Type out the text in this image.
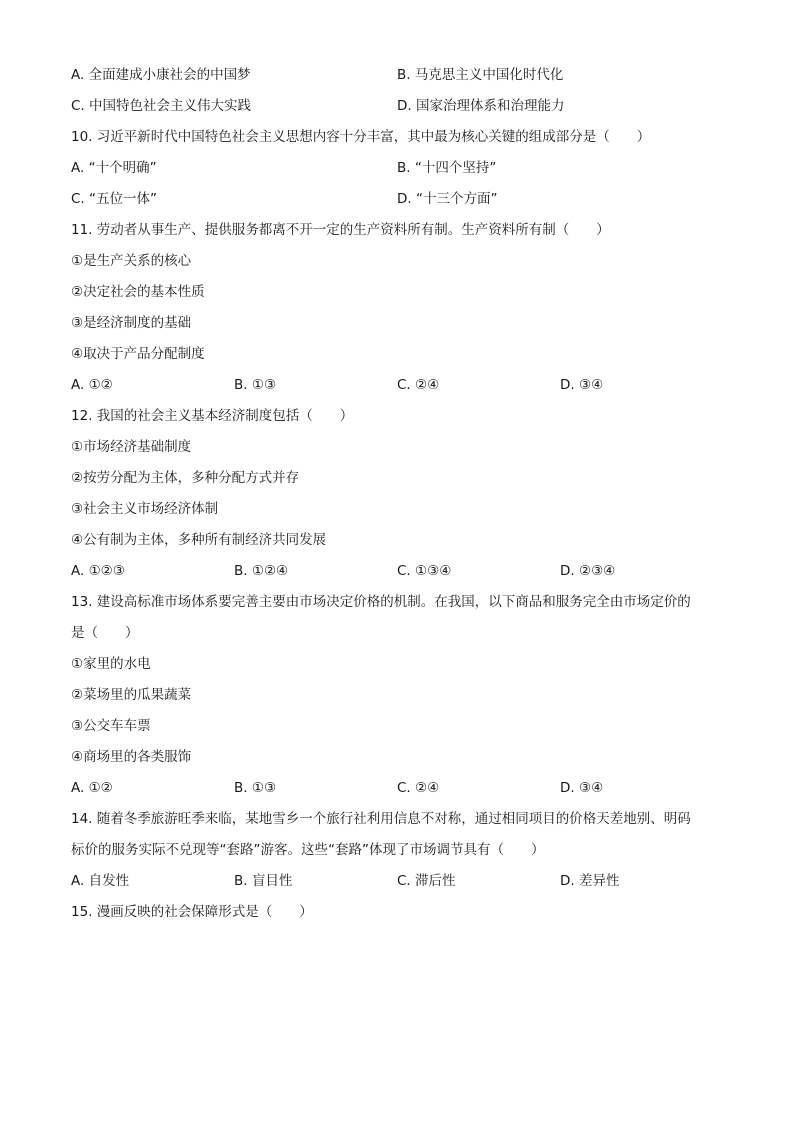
A. 全面建成小康社会的中国梦	B. 马克思主义中国化时代化
C. 中国特色社会主义伟大实践	D. 国家治理体系和治理能力
10. 习近平新时代中国特色社会主义思想内容十分丰富，其中最为核心关键的组成部分是（　　）
A. “十个明确”	B. “十四个坚持”
C. “五位一体”	D. “十三个方面”
11. 劳动者从事生产、提供服务都离不开一定的生产资料所有制。生产资料所有制（　　）
①是生产关系的核心
②决定社会的基本性质
③是经济制度的基础
④取决于产品分配制度
A. ①②	B. ①③	C. ②④	D. ③④
12. 我国的社会主义基本经济制度包括（　　）
①市场经济基础制度
②按劳分配为主体，多种分配方式并存
③社会主义市场经济体制
④公有制为主体，多种所有制经济共同发展
A. ①②③	B. ①②④	C. ①③④	D. ②③④
13. 建设高标准市场体系要完善主要由市场决定价格的机制。在我国，以下商品和服务完全由市场定价的
是（　　）
①家里的水电
②菜场里的瓜果蔬菜
③公交车车票
④商场里的各类服饰
A. ①②	B. ①③	C. ②④	D. ③④
14. 随着冬季旅游旺季来临，某地雪乡一个旅行社利用信息不对称，通过相同项目的价格天差地别、明码
标价的服务实际不兑现等“套路”游客。这些“套路”体现了市场调节具有（　　）
A. 自发性	B. 盲目性	C. 滞后性	D. 差异性
15. 漫画反映的社会保障形式是（　　）
